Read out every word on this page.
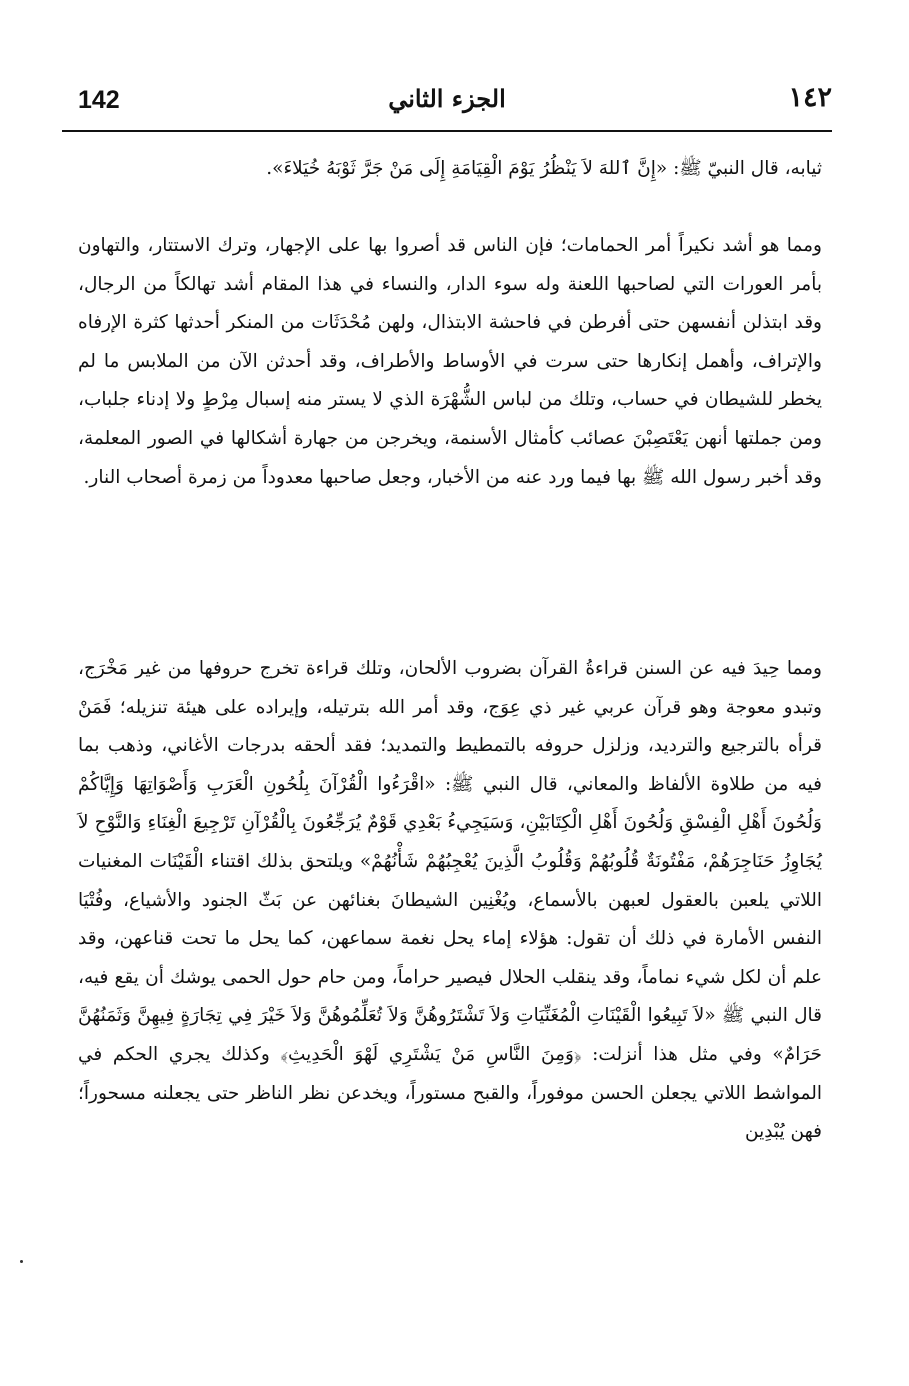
142	الجزء الثاني	١٤٢

ثيابه، قال النبيّ ﷺ: «إِنَّ ٱللهَ لاَ يَنْظُرُ يَوْمَ الْقِيَامَةِ إِلَى مَنْ جَرَّ ثَوْبَهُ خُيَلاءَ».

ومما هو أشد نكيراً أمر الحمامات؛ فإن الناس قد أصروا بها على الإجهار، وترك الاستتار، والتهاون بأمر العورات التي لصاحبها اللعنة وله سوء الدار، والنساء في هذا المقام أشد تهالكاً من الرجال، وقد ابتذلن أنفسهن حتى أفرطن في فاحشة الابتذال، ولهن مُحْدَثَات من المنكر أحدثها كثرة الإرفاه والإتراف، وأهمل إنكارها حتى سرت في الأوساط والأطراف، وقد أحدثن الآن من الملابس ما لم يخطر للشيطان في حساب، وتلك من لباس الشُّهْرَة الذي لا يستر منه إسبال مِرْطٍ ولا إدناء جلباب، ومن جملتها أنهن يَعْتَصِبْنَ عصائب كأمثال الأسنمة، ويخرجن من جهارة أشكالها في الصور المعلمة، وقد أخبر رسول الله ﷺ بها فيما ورد عنه من الأخبار، وجعل صاحبها معدوداً من زمرة أصحاب النار.

ومما حِيدَ فيه عن السنن قراءةُ القرآن بضروب الألحان، وتلك قراءة تخرج حروفها من غير مَخْرَج، وتبدو معوجة وهو قرآن عربي غير ذي عِوَج، وقد أمر الله بترتيله، وإيراده على هيئة تنزيله؛ فَمَنْ قرأه بالترجيع والترديد، وزلزل حروفه بالتمطيط والتمديد؛ فقد ألحقه بدرجات الأغاني، وذهب بما فيه من طلاوة الألفاظ والمعاني، قال النبي ﷺ: «اقْرَءُوا الْقُرْآنَ بِلُحُونِ الْعَرَبِ وَأَصْوَاتِهَا وَإِيَّاكُمْ وَلُحُونَ أَهْلِ الْفِسْقِ وَلُحُونَ أَهْلِ الْكِتَابَيْنِ، وَسَيَجِيءُ بَعْدِي قَوْمٌ يُرَجِّعُونَ بِالْقُرْآنِ تَرْجِيعَ الْغِنَاءِ وَالنَّوْحِ لاَ يُجَاوِزُ حَنَاجِرَهُمْ، مَفْتُونَةٌ قُلُوبُهُمْ وَقُلُوبُ الَّذِينَ يُعْجِبُهُمْ شَأْنُهُمْ» ويلتحق بذلك اقتناء الْقَيْنَات المغنيات اللاتي يلعبن بالعقول لعبهن بالأسماع، ويُغْنِين الشيطانَ بغنائهن عن بَثّ الجنود والأشياع، وفُتْيَا النفس الأمارة في ذلك أن تقول: هؤلاء إماء يحل نغمة سماعهن، كما يحل ما تحت قناعهن، وقد علم أن لكل شيء نماماً، وقد ينقلب الحلال فيصير حراماً، ومن حام حول الحمى يوشك أن يقع فيه، قال النبي ﷺ «لاَ تَبِيعُوا الْقَيْنَاتِ الْمُغَنِّيَاتِ وَلاَ تَشْتَرُوهُنَّ وَلاَ تُعَلِّمُوهُنَّ وَلاَ خَيْرَ فِي تِجَارَةٍ فِيهِنَّ وَثَمَنُهُنَّ حَرَامٌ» وفي مثل هذا أنزلت: ﴿وَمِنَ النَّاسِ مَنْ يَشْتَرِي لَهْوَ الْحَدِيثِ﴾ وكذلك يجري الحكم في المواشط اللاتي يجعلن الحسن موفوراً، والقبح مستوراً، ويخدعن نظر الناظر حتى يجعلنه مسحوراً؛ فهن يُبْدِين
